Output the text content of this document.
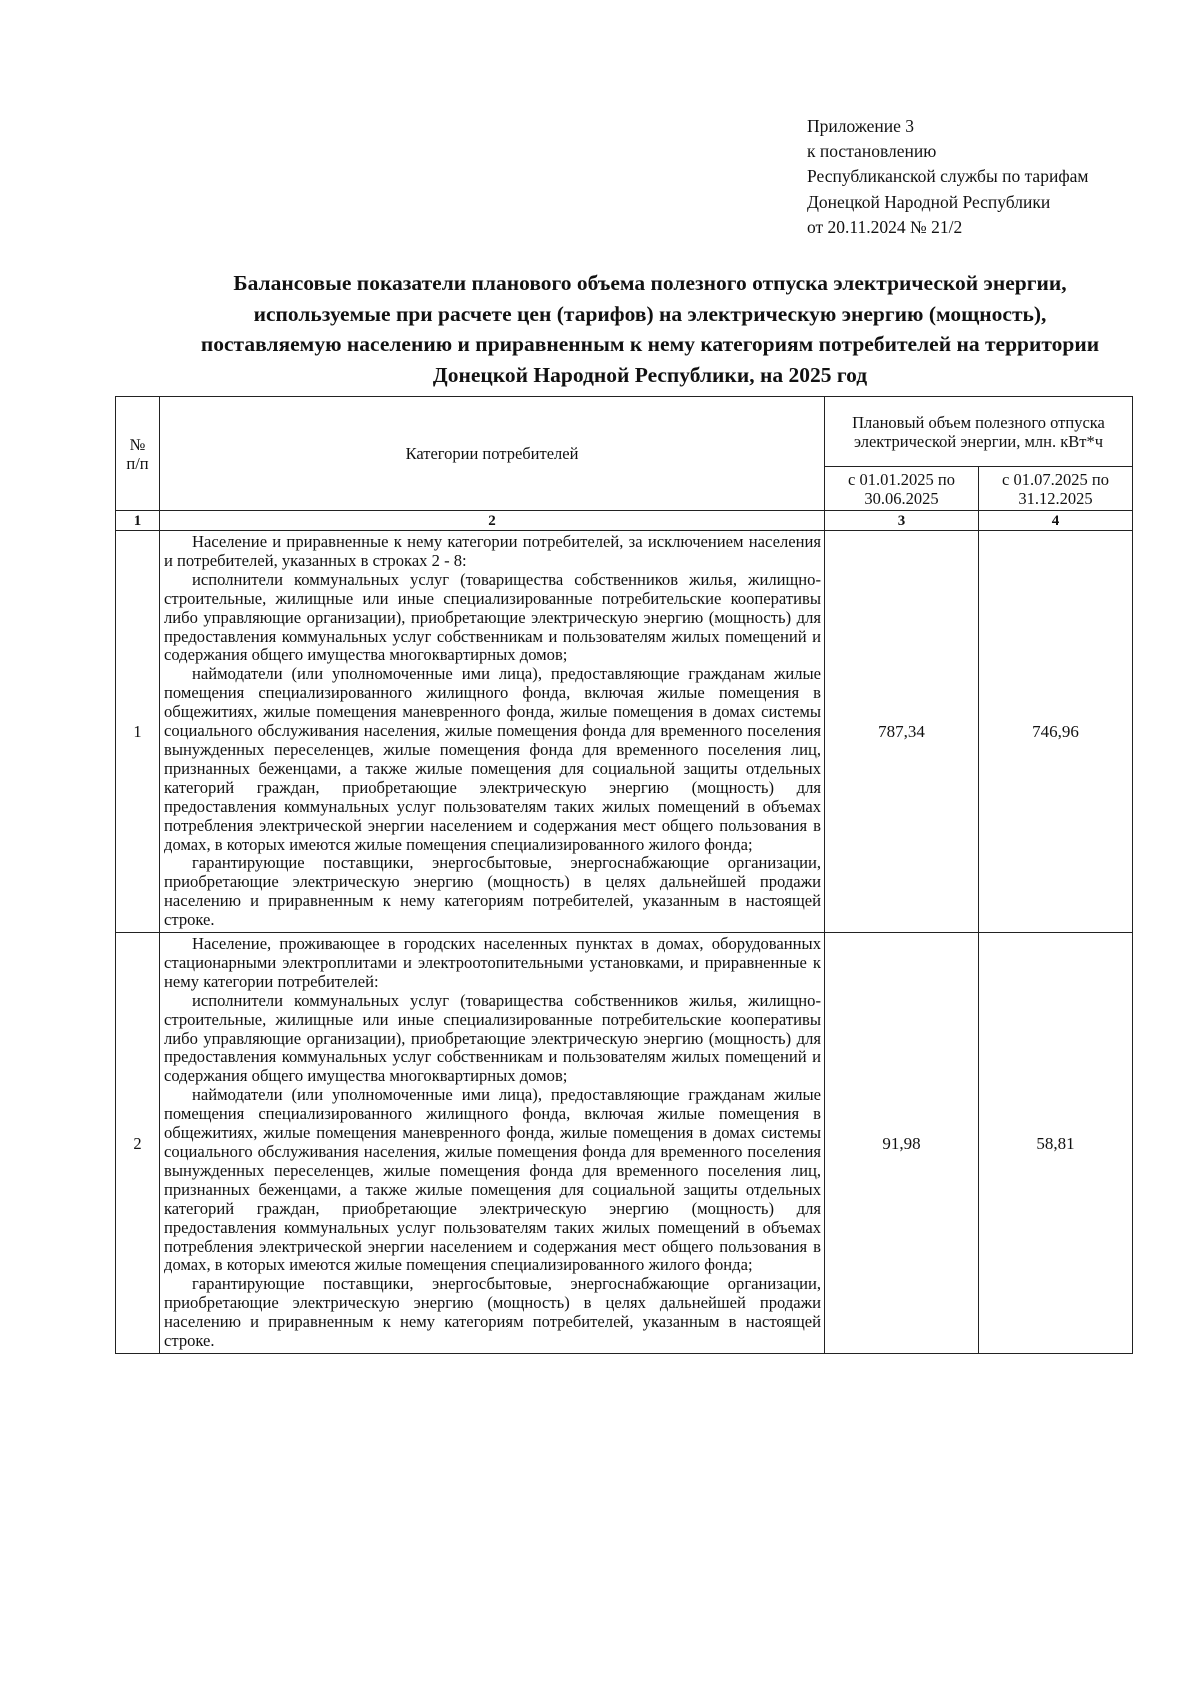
Приложение 3
к постановлению
Республиканской службы по тарифам
Донецкой Народной Республики
от 20.11.2024 № 21/2
Балансовые показатели планового объема полезного отпуска электрической энергии,
используемые при расчете цен (тарифов) на электрическую энергию (мощность),
поставляемую населению и приравненным к нему категориям потребителей на территории
Донецкой Народной Республики, на 2025 год
№ п/п	Категории потребителей	Плановый объем полезного отпуска электрической энергии, млн. кВт*ч	
		с 01.01.2025 по 30.06.2025	с 01.07.2025 по 31.12.2025
1	2	3	4
1	Население и приравненные к нему категории потребителей, за исключением населения и потребителей, указанных в строках 2 - 8:

исполнители коммунальных услуг (товарищества собственников жилья, жилищно-строительные, жилищные или иные специализированные потребительские кооперативы либо управляющие организации), приобретающие электрическую энергию (мощность) для предоставления коммунальных услуг собственникам и пользователям жилых помещений и содержания общего имущества многоквартирных домов;

наймодатели (или уполномоченные ими лица), предоставляющие гражданам жилые помещения специализированного жилищного фонда, включая жилые помещения в общежитиях, жилые помещения маневренного фонда, жилые помещения в домах системы социального обслуживания населения, жилые помещения фонда для временного поселения вынужденных переселенцев, жилые помещения фонда для временного поселения лиц, признанных беженцами, а также жилые помещения для социальной защиты отдельных категорий граждан, приобретающие электрическую энергию (мощность) для предоставления коммунальных услуг пользователям таких жилых помещений в объемах потребления электрической энергии населением и содержания мест общего пользования в домах, в которых имеются жилые помещения специализированного жилого фонда;

гарантирующие поставщики, энергосбытовые, энергоснабжающие организации, приобретающие электрическую энергию (мощность) в целях дальнейшей продажи населению и приравненным к нему категориям потребителей, указанным в настоящей строке.	787,34	746,96
2	Население, проживающее в городских населенных пунктах в домах, оборудованных стационарными электроплитами и электроотопительными установками, и приравненные к нему категории потребителей:

исполнители коммунальных услуг (товарищества собственников жилья, жилищно-строительные, жилищные или иные специализированные потребительские кооперативы либо управляющие организации), приобретающие электрическую энергию (мощность) для предоставления коммунальных услуг собственникам и пользователям жилых помещений и содержания общего имущества многоквартирных домов;

наймодатели (или уполномоченные ими лица), предоставляющие гражданам жилые помещения специализированного жилищного фонда, включая жилые помещения в общежитиях, жилые помещения маневренного фонда, жилые помещения в домах системы социального обслуживания населения, жилые помещения фонда для временного поселения вынужденных переселенцев, жилые помещения фонда для временного поселения лиц, признанных беженцами, а также жилые помещения для социальной защиты отдельных категорий граждан, приобретающие электрическую энергию (мощность) для предоставления коммунальных услуг пользователям таких жилых помещений в объемах потребления электрической энергии населением и содержания мест общего пользования в домах, в которых имеются жилые помещения специализированного жилого фонда;

гарантирующие поставщики, энергосбытовые, энергоснабжающие организации, приобретающие электрическую энергию (мощность) в целях дальнейшей продажи населению и приравненным к нему категориям потребителей, указанным в настоящей строке.	91,98	58,81
